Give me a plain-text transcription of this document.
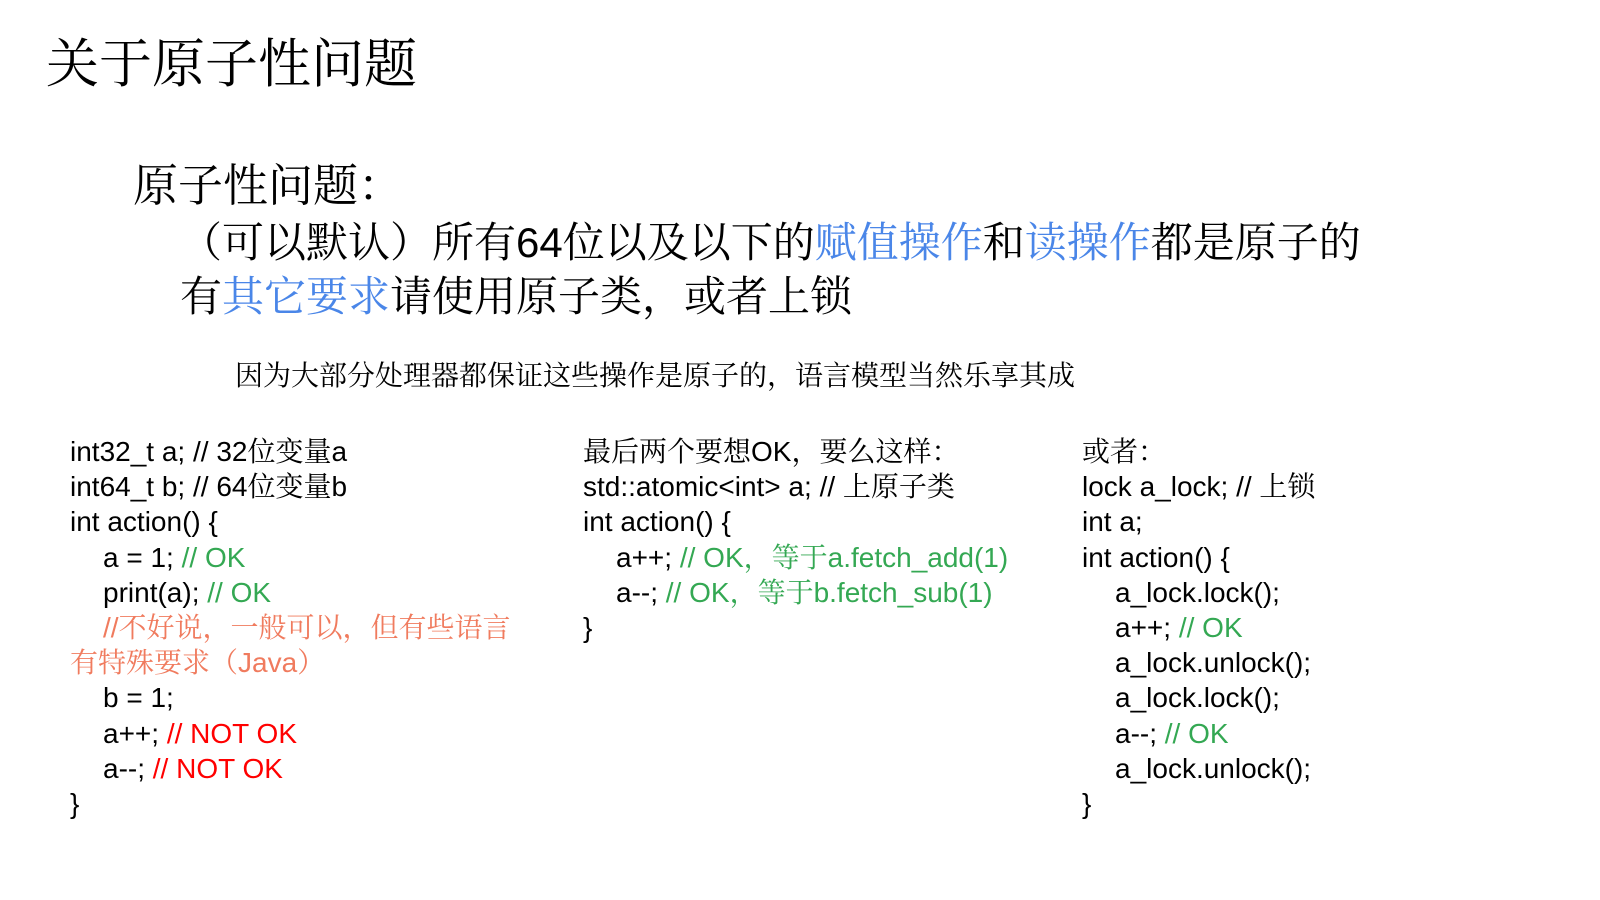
关于原子性问题
原子性问题：
（可以默认）所有64位以及以下的赋值操作和读操作都是原子的
有其它要求请使用原子类，或者上锁
因为大部分处理器都保证这些操作是原子的，语言模型当然乐享其成
int32_t a; // 32位变量a
int64_t b; // 64位变量b
int action() {
a = 1; // OK
print(a); // OK
//不好说，一般可以，但有些语言
有特殊要求（Java）
b = 1;
a++; // NOT OK
a--; // NOT OK
}
最后两个要想OK，要么这样：
std::atomic<int> a; // 上原子类
int action() {
a++; // OK，等于a.fetch_add(1)
a--; // OK，等于b.fetch_sub(1)
}
或者：
lock a_lock; // 上锁
int a;
int action() {
a_lock.lock();
a++; // OK
a_lock.unlock();
a_lock.lock();
a--; // OK
a_lock.unlock();
}
